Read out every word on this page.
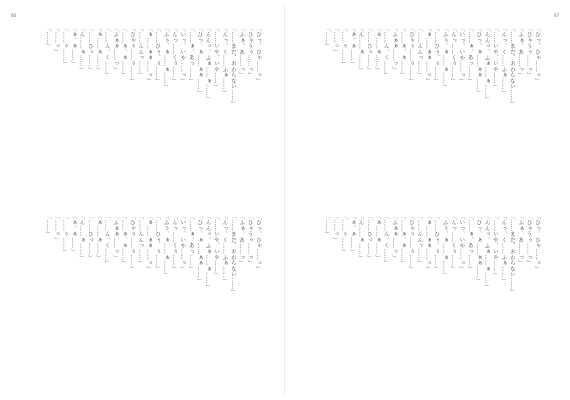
66

「ひっ、ひゃ……っ」

「ひゃうぅ……っ」

「ふぁ、あ……っ」

「……まだ、おわらない……」

「んっ、く……ふぁ……」

「……いや、いや……」

「んんっ、ふぁ……ぁ……」

「ひっ、ぁ……ぁぁ……」

「……ぁ、あっ……」

「いっ、いや……っ」

「んっ……くぅ……」

「ふぅ、ぁ……ぁ……」

「……ひぅ、ぅ……」

「ぁ……ぁぁ……っ」

「……んんっ……」

「ひゃぅ……ぅ……」

「……ぁ、ぁ……」

「ふぁぁ……っ」

「……ん、く……」

「ぁ……ぁ……」

「……ひっ……」

「ん……ぁ……」

「ぁ、ぁ……」

「……ぅ……」

「……っ」

「……」

「ひっ、ひゃ……っ」

「ひゃうぅ……っ」

「ふぁ、あ……っ」

「……まだ、おわらない……」

「んっ、く……ふぁ……」

「……いや、いや……」

「んんっ、ふぁ……ぁ……」

「ひっ、ぁ……ぁぁ……」

「……ぁ、あっ……」

「いっ、いや……っ」

「んっ……くぅ……」

「ふぅ、ぁ……ぁ……」

「……ひぅ、ぅ……」

「ぁ……ぁぁ……っ」

「……んんっ……」

「ひゃぅ……ぅ……」

「……ぁ、ぁ……」

「ふぁぁ……っ」

「……ん、く……」

「ぁ……ぁ……」

「……ひっ……」

「ん……ぁ……」

「ぁ、ぁ……」

「……ぅ……」

「……っ」

「……」

67

「ひっ、ひゃ……っ」

「ひゃうぅ……っ」

「ふぁ、あ……っ」

「……まだ、おわらない……」

「んっ、く……ふぁ……」

「……いや、いや……」

「んんっ、ふぁ……ぁ……」

「ひっ、ぁ……ぁぁ……」

「……ぁ、あっ……」

「いっ、いや……っ」

「んっ……くぅ……」

「ふぅ、ぁ……ぁ……」

「……ひぅ、ぅ……」

「ぁ……ぁぁ……っ」

「……んんっ……」

「ひゃぅ……ぅ……」

「……ぁ、ぁ……」

「ふぁぁ……っ」

「……ん、く……」

「ぁ……ぁ……」

「……ひっ……」

「ん……ぁ……」

「ぁ、ぁ……」

「……ぅ……」

「……っ」

「……」

「ひっ、ひゃ……っ」

「ひゃうぅ……っ」

「ふぁ、あ……っ」

「……まだ、おわらない……」

「んっ、く……ふぁ……」

「……いや、いや……」

「んんっ、ふぁ……ぁ……」

「ひっ、ぁ……ぁぁ……」

「……ぁ、あっ……」

「いっ、いや……っ」

「んっ……くぅ……」

「ふぅ、ぁ……ぁ……」

「……ひぅ、ぅ……」

「ぁ……ぁぁ……っ」

「……んんっ……」

「ひゃぅ……ぅ……」

「……ぁ、ぁ……」

「ふぁぁ……っ」

「……ん、く……」

「ぁ……ぁ……」

「……ひっ……」

「ん……ぁ……」

「ぁ、ぁ……」

「……ぅ……」

「……っ」

「……」
